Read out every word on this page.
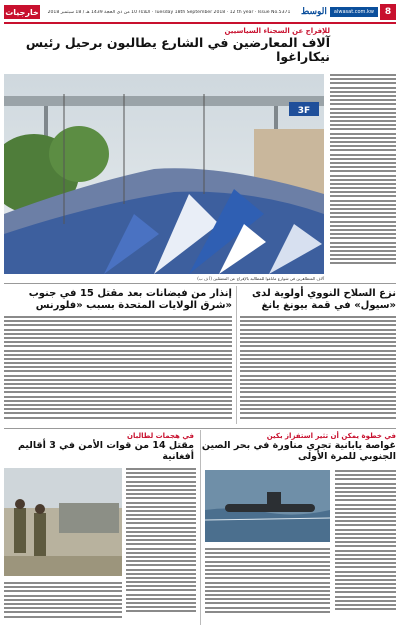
خارجيات	الثلاثاء 10 من ذي الحجة 1439 هـ / 18 سبتمبر 2018 · Tuesday 18th September 2018 · 12 th year · Issue No.5371	الوسط	alwasat.com.kw	8
للإفراج عن السجناء السياسيين
آلاف المعارضين في الشارع يطالبون برحيل رئيس نيكاراغوا
3F
آلاف المتظاهرين في شوارع ماناغوا للمطالبة بالإفراج عن المعتقلين (أ ف ب)
نزع السلاح النووي أولوية لدى «سيول» في قمة بيونغ يانغ
إنذار من فيضانات بعد مقتل 15 في جنوب شرق الولايات المتحدة بسبب «فلورنس»
في خطوة يمكن أن تثير استفزاز بكين
غواصة يابانية تجري مناورة في بحر الصين الجنوبي للمرة الأولى
في هجمات لطالبان
مقتل 14 من قوات الأمن في 3 أقاليم أفغانية
